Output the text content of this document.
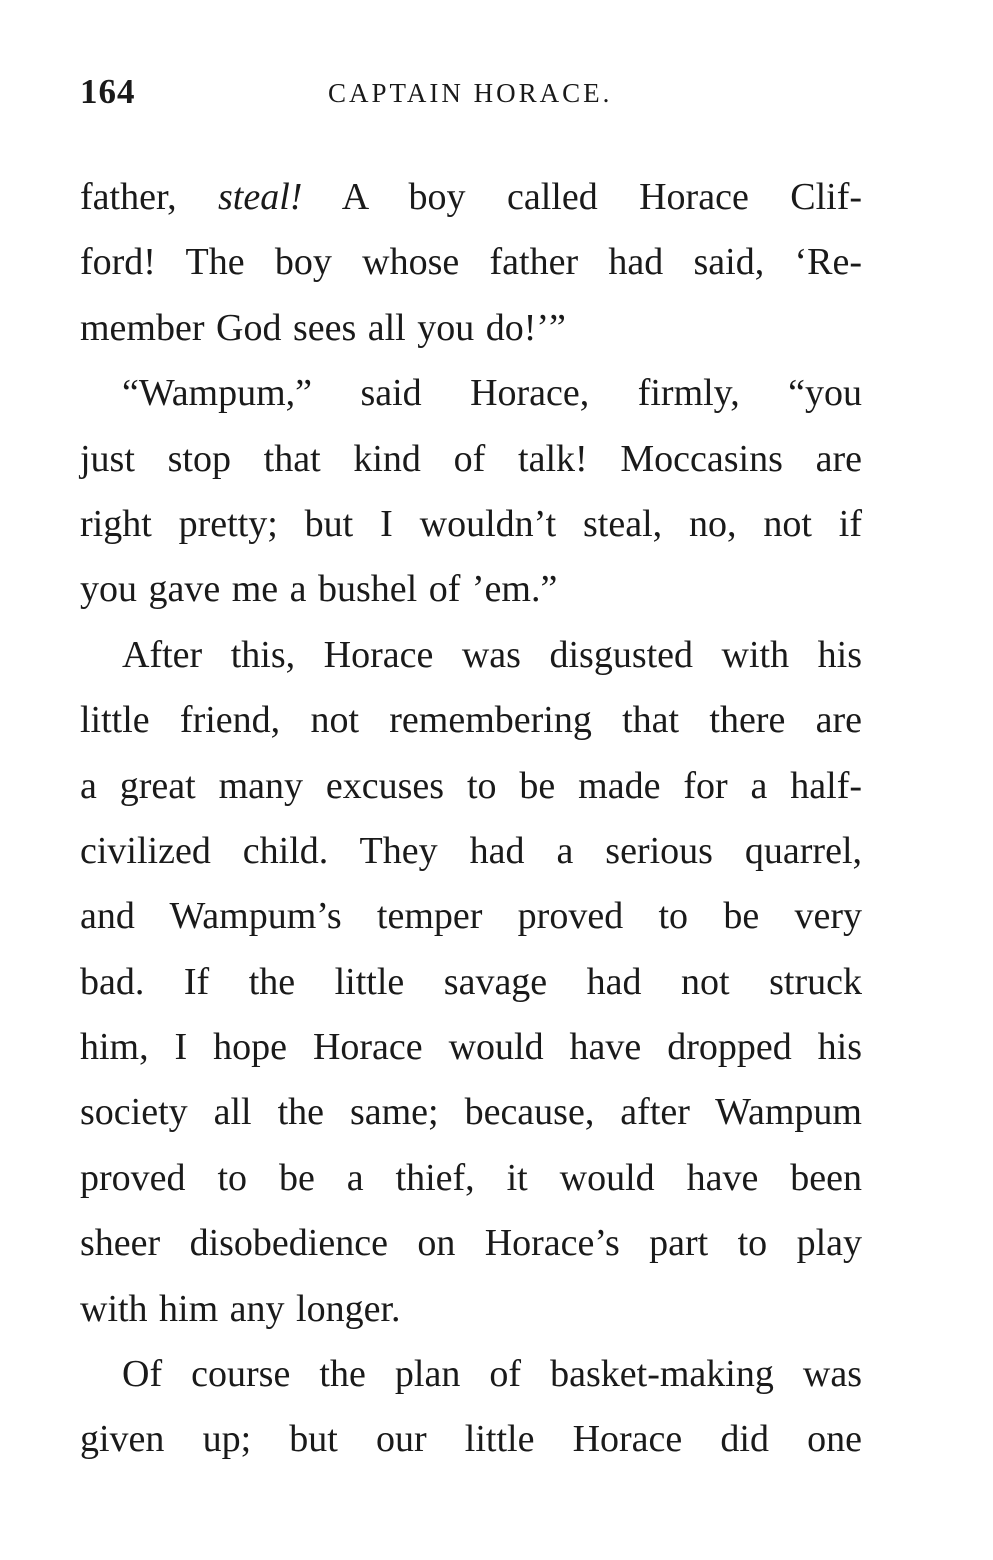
164	CAPTAIN HORACE.
father, steal! A boy called Horace Clif-
ford! The boy whose father had said, ‘Re-
member God sees all you do!’”
“Wampum,” said Horace, firmly, “you
just stop that kind of talk! Moccasins are
right pretty; but I wouldn’t steal, no, not if
you gave me a bushel of ’em.”
After this, Horace was disgusted with his
little friend, not remembering that there are
a great many excuses to be made for a half-
civilized child. They had a serious quarrel,
and Wampum’s temper proved to be very
bad. If the little savage had not struck
him, I hope Horace would have dropped his
society all the same; because, after Wampum
proved to be a thief, it would have been
sheer disobedience on Horace’s part to play
with him any longer.
Of course the plan of basket-making was
given up; but our little Horace did one
